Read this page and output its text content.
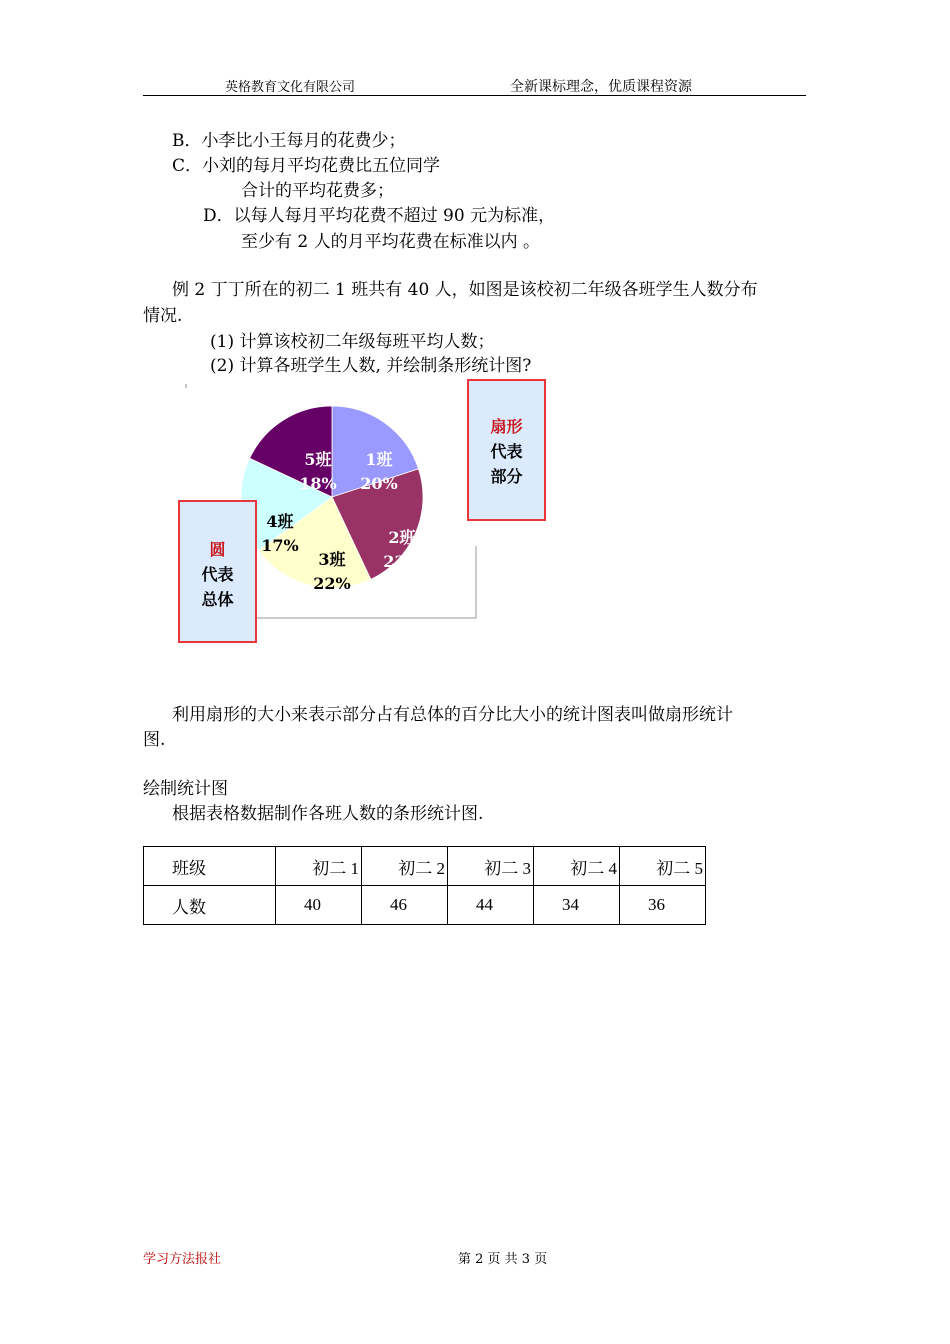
英格教育文化有限公司	全新课标理念，优质课程资源
B．小李比小王每月的花费少；
C．小刘的每月平均花费比五位同学
合计的平均花费多；
D．以每人每月平均花费不超过 90 元为标准，
至少有 2 人的月平均花费在标准以内 。
例 2 丁丁所在的初二 1 班共有 40 人，如图是该校初二年级各班学生人数分布
情况.
(1) 计算该校初二年级每班平均人数；
(2) 计算各班学生人数, 并绘制条形统计图?
1班
20%
2班
23%
3班
22%
4班
17%
5班
18%
扇形
代表
部分
圆
代表
总体
利用扇形的大小来表示部分占有总体的百分比大小的统计图表叫做扇形统计
图.
绘制统计图
根据表格数据制作各班人数的条形统计图.
班级	初二 1	初二 2	初二 3	初二 4	初二 5
人数	40	46	44	34	36
学习方法报社	第 2 页 共 3 页
